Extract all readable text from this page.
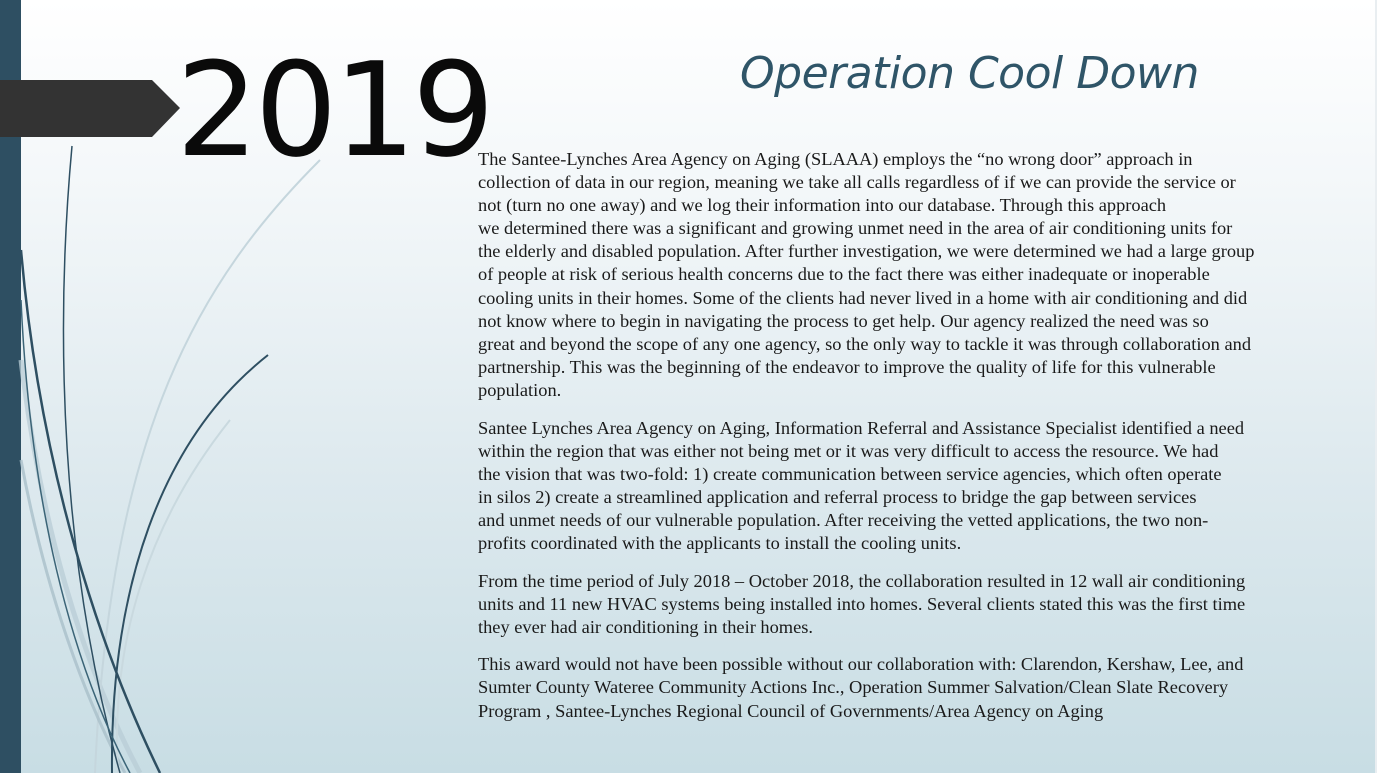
2019	Operation Cool Down

The Santee-Lynches Area Agency on Aging (SLAAA) employs the “no wrong door” approach in
collection of data in our region, meaning we take all calls regardless of if we can provide the service or
not (turn no one away) and we log their information into our database. Through this approach
we determined there was a significant and growing unmet need in the area of air conditioning units for
the elderly and disabled population. After further investigation, we were determined we had a large group
of people at risk of serious health concerns due to the fact there was either inadequate or inoperable
cooling units in their homes. Some of the clients had never lived in a home with air conditioning and did
not know where to begin in navigating the process to get help. Our agency realized the need was so
great and beyond the scope of any one agency, so the only way to tackle it was through collaboration and
partnership. This was the beginning of the endeavor to improve the quality of life for this vulnerable
population.

Santee Lynches Area Agency on Aging, Information Referral and Assistance Specialist identified a need
within the region that was either not being met or it was very difficult to access the resource. We had
the vision that was two-fold: 1) create communication between service agencies, which often operate
in silos 2) create a streamlined application and referral process to bridge the gap between services
and unmet needs of our vulnerable population. After receiving the vetted applications, the two non-
profits coordinated with the applicants to install the cooling units.

From the time period of July 2018 – October 2018, the collaboration resulted in 12 wall air conditioning
units and 11 new HVAC systems being installed into homes. Several clients stated this was the first time
they ever had air conditioning in their homes.

This award would not have been possible without our collaboration with: Clarendon, Kershaw, Lee, and
Sumter County Wateree Community Actions Inc., Operation Summer Salvation/Clean Slate Recovery
Program , Santee-Lynches Regional Council of Governments/Area Agency on Aging
